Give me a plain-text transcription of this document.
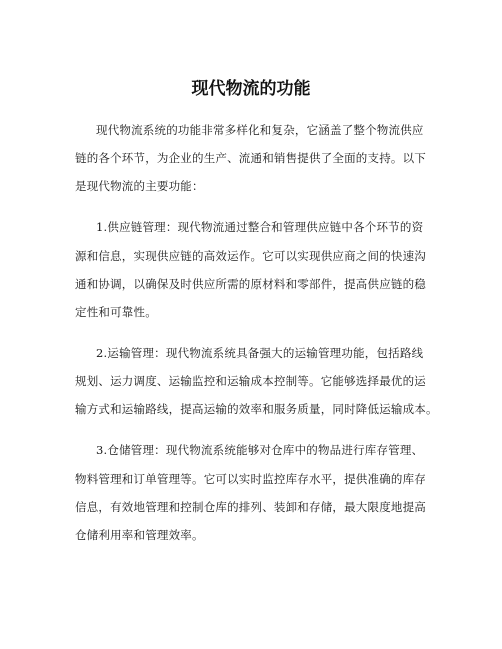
现代物流的功能
现代物流系统的功能非常多样化和复杂，它涵盖了整个物流供应
链的各个环节，为企业的生产、流通和销售提供了全面的支持。以下
是现代物流的主要功能：
1.供应链管理：现代物流通过整合和管理供应链中各个环节的资
源和信息，实现供应链的高效运作。它可以实现供应商之间的快速沟
通和协调，以确保及时供应所需的原材料和零部件，提高供应链的稳
定性和可靠性。
2.运输管理：现代物流系统具备强大的运输管理功能，包括路线
规划、运力调度、运输监控和运输成本控制等。它能够选择最优的运
输方式和运输路线，提高运输的效率和服务质量，同时降低运输成本。
3.仓储管理：现代物流系统能够对仓库中的物品进行库存管理、
物料管理和订单管理等。它可以实时监控库存水平，提供准确的库存
信息，有效地管理和控制仓库的排列、装卸和存储，最大限度地提高
仓储利用率和管理效率。
